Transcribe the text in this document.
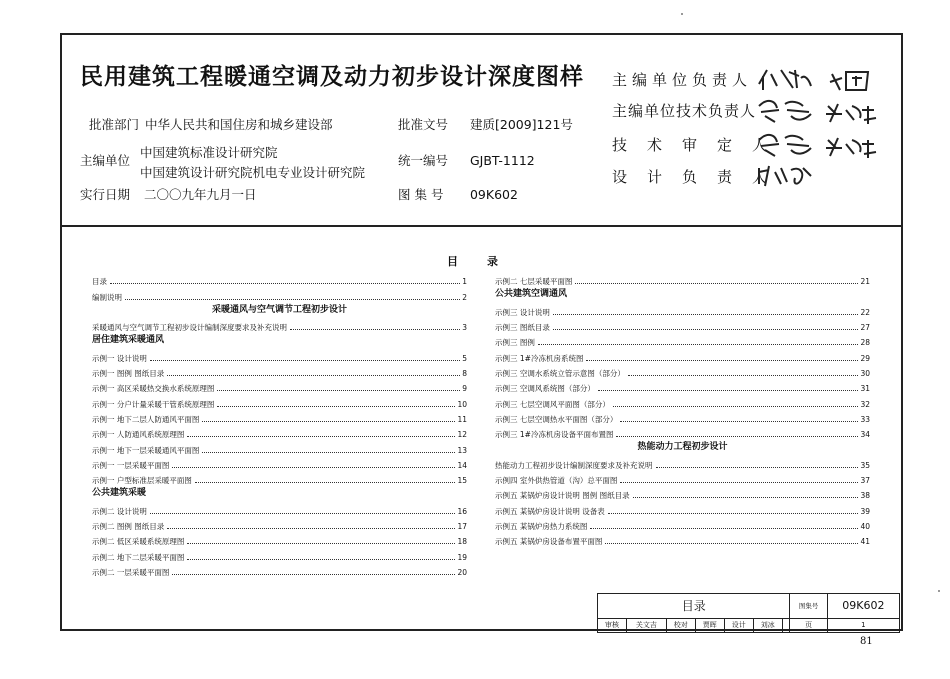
民用建筑工程暖通空调及动力初步设计深度图样
批准部门 中华人民共和国住房和城乡建设部	批准文号 建质[2009]121号
主编单位
中国建筑标准设计研究院
中国建筑设计研究院机电专业设计研究院
统一编号 GJBT-1112
实行日期 二〇〇九年九月一日	图 集 号 09K602
主编单位负责人
主编单位技术负责人
技术审定人
设计负责人
目	录
目录	1
编制说明	2
采暖通风与空气调节工程初步设计
采暖通风与空气调节工程初步设计编制深度要求及补充说明	3
居住建筑采暖通风
示例一 设计说明	5
示例一 图例 图纸目录	8
示例一 高区采暖热交换水系统原理图	9
示例一 分户计量采暖干管系统原理图	10
示例一 地下二层人防通风平面图	11
示例一 人防通风系统原理图	12
示例一 地下一层采暖通风平面图	13
示例一 一层采暖平面图	14
示例一 户型标准层采暖平面图	15
公共建筑采暖
示例二 设计说明	16
示例二 图例 图纸目录	17
示例二 低区采暖系统原理图	18
示例二 地下二层采暖平面图	19
示例二 一层采暖平面图	20
示例二 七层采暖平面图	21
公共建筑空调通风
示例三 设计说明	22
示例三 图纸目录	27
示例三 图例	28
示例三 1#冷冻机房系统图	29
示例三 空调水系统立管示意图（部分）	30
示例三 空调风系统图（部分）	31
示例三 七层空调风平面图（部分）	32
示例三 七层空调热水平面图（部分）	33
示例三 1#冷冻机房设备平面布置图	34
热能动力工程初步设计
热能动力工程初步设计编制深度要求及补充说明	35
示例四 室外供热管道（沟）总平面图	37
示例五 某锅炉房设计说明 图例 图纸目录	38
示例五 某锅炉房设计说明 设备表	39
示例五 某锅炉房热力系统图	40
示例五 某锅炉房设备布置平面图	41
目录							图集号	09K602
审核	关文吉	校对	贾晖	设计	刘冰		页	1
81
